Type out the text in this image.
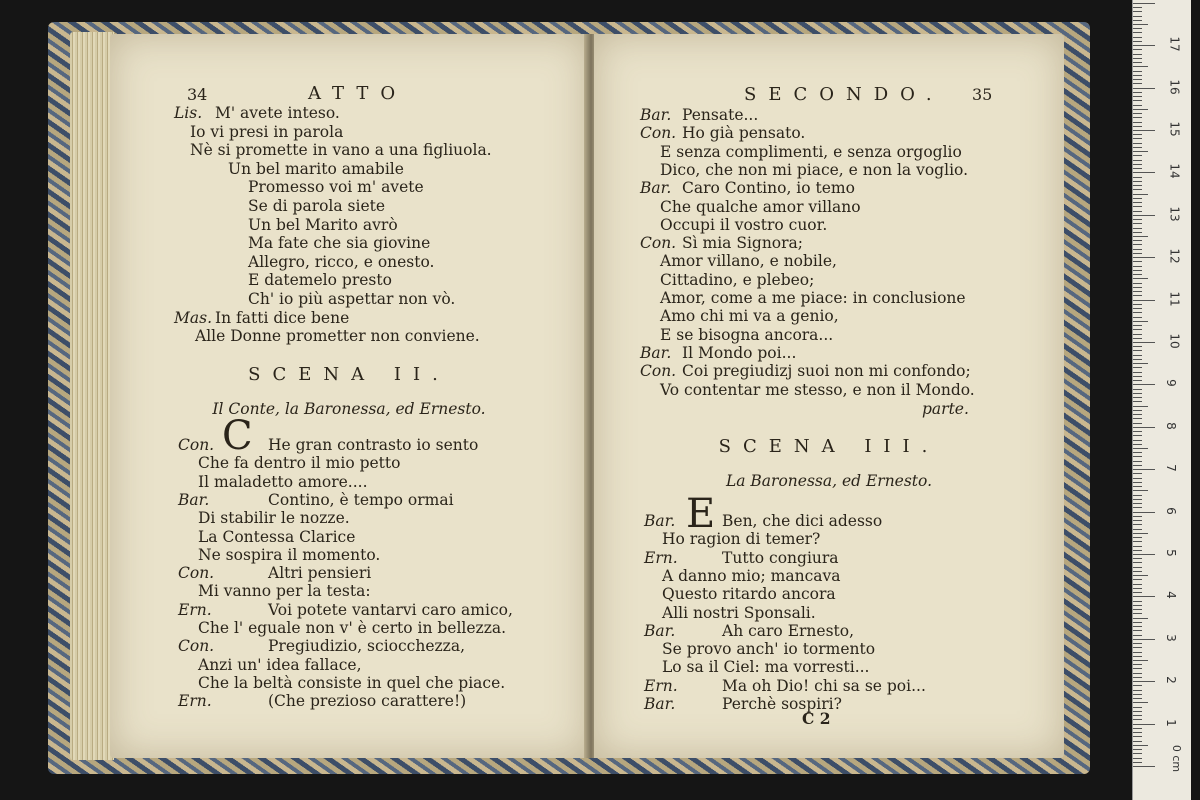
34	ATTO
Lis. M' avete inteso.
Io vi presi in parola
Nè si promette in vano a una figliuola.
Un bel marito amabile
Promesso voi m' avete
Se di parola siete
Un bel Marito avrò
Ma fate che sia giovine
Allegro, ricco, e onesto.
E datemelo presto
Ch' io più aspettar non vò.
Mas. In fatti dice bene
Alle Donne prometter non conviene.
SCENA II.
Il Conte, la Baronessa, ed Ernesto.
C
Con.	He gran contrasto io sento
Che fa dentro il mio petto
Il maladetto amore....
Bar.	Contino, è tempo ormai
Di stabilir le nozze.
La Contessa Clarice
Ne sospira il momento.
Con.	Altri pensieri
Mi vanno per la testa:
Ern.	Voi potete vantarvi caro amico,
Che l' eguale non v' è certo in bellezza.
Con.	Pregiudizio, sciocchezza,
Anzi un' idea fallace,
Che la beltà consiste in quel che piace.
Ern.	(Che prezioso carattere!)
SECONDO. 35
Bar. Pensate...
Con. Ho già pensato.
E senza complimenti, e senza orgoglio
Dico, che non mi piace, e non la voglio.
Bar. Caro Contino, io temo
Che qualche amor villano
Occupi il vostro cuor.
Con. Sì mia Signora;
Amor villano, e nobile,
Cittadino, e plebeo;
Amor, come a me piace: in conclusione
Amo chi mi va a genio,
E se bisogna ancora...
Bar. Il Mondo poi...
Con. Coi pregiudizj suoi non mi confondo;
Vo contentar me stesso, e non il Mondo.
parte.
SCENA III.
La Baronessa, ed Ernesto.
E
Bar.	Ben, che dici adesso
Ho ragion di temer?
Ern.	Tutto congiura
A danno mio; mancava
Questo ritardo ancora
Alli nostri Sponsali.
Bar.	Ah caro Ernesto,
Se provo anch' io tormento
Lo sa il Ciel: ma vorresti...
Ern.	Ma oh Dio! chi sa se poi...
Bar.	Perchè sospiri?
C 2	1
2
3
4
5
6
7
8
9
10
11
12
13
14
15
16
17
0 cm
